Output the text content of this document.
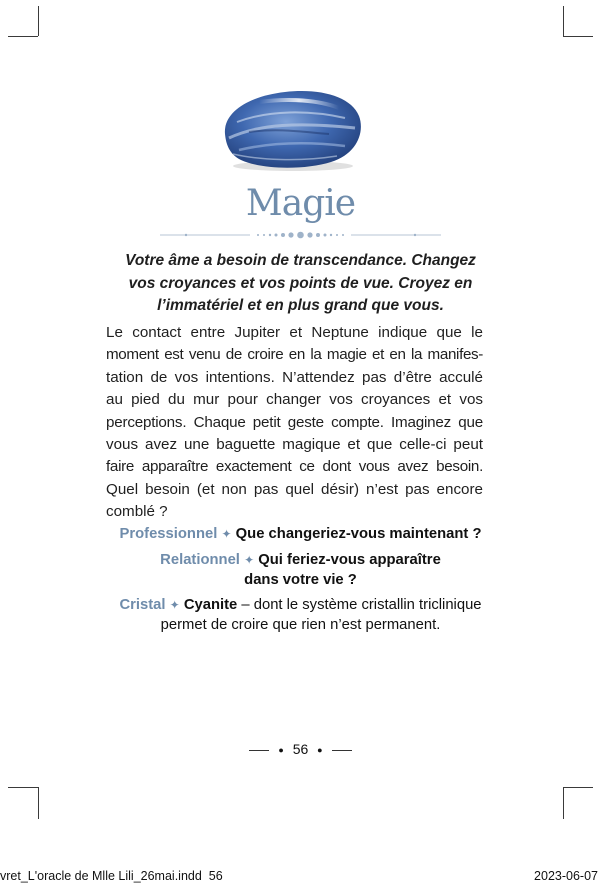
Magie
Votre âme a besoin de transcendance. Changez
vos croyances et vos points de vue. Croyez en
l’immatériel et en plus grand que vous.
Le contact entre Jupiter et Neptune indique que le
moment est venu de croire en la magie et en la manifes-
tation de vos intentions. N’attendez pas d’être acculé
au pied du mur pour changer vos croyances et vos
perceptions. Chaque petit geste compte. Imaginez que
vous avez une baguette magique et que celle-ci peut
faire apparaître exactement ce dont vous avez besoin.
Quel besoin (et non pas quel désir) n’est pas encore
comblé ?
Professionnel ✦ Que changeriez-vous maintenant ?
Relationnel ✦ Qui feriez-vous apparaître
dans votre vie ?
Cristal ✦ Cyanite – dont le système cristallin triclinique
permet de croire que rien n’est permanent.
● 56 ●
vret_L'oracle de Mlle Lili_26mai.indd 56	2023-06-07
